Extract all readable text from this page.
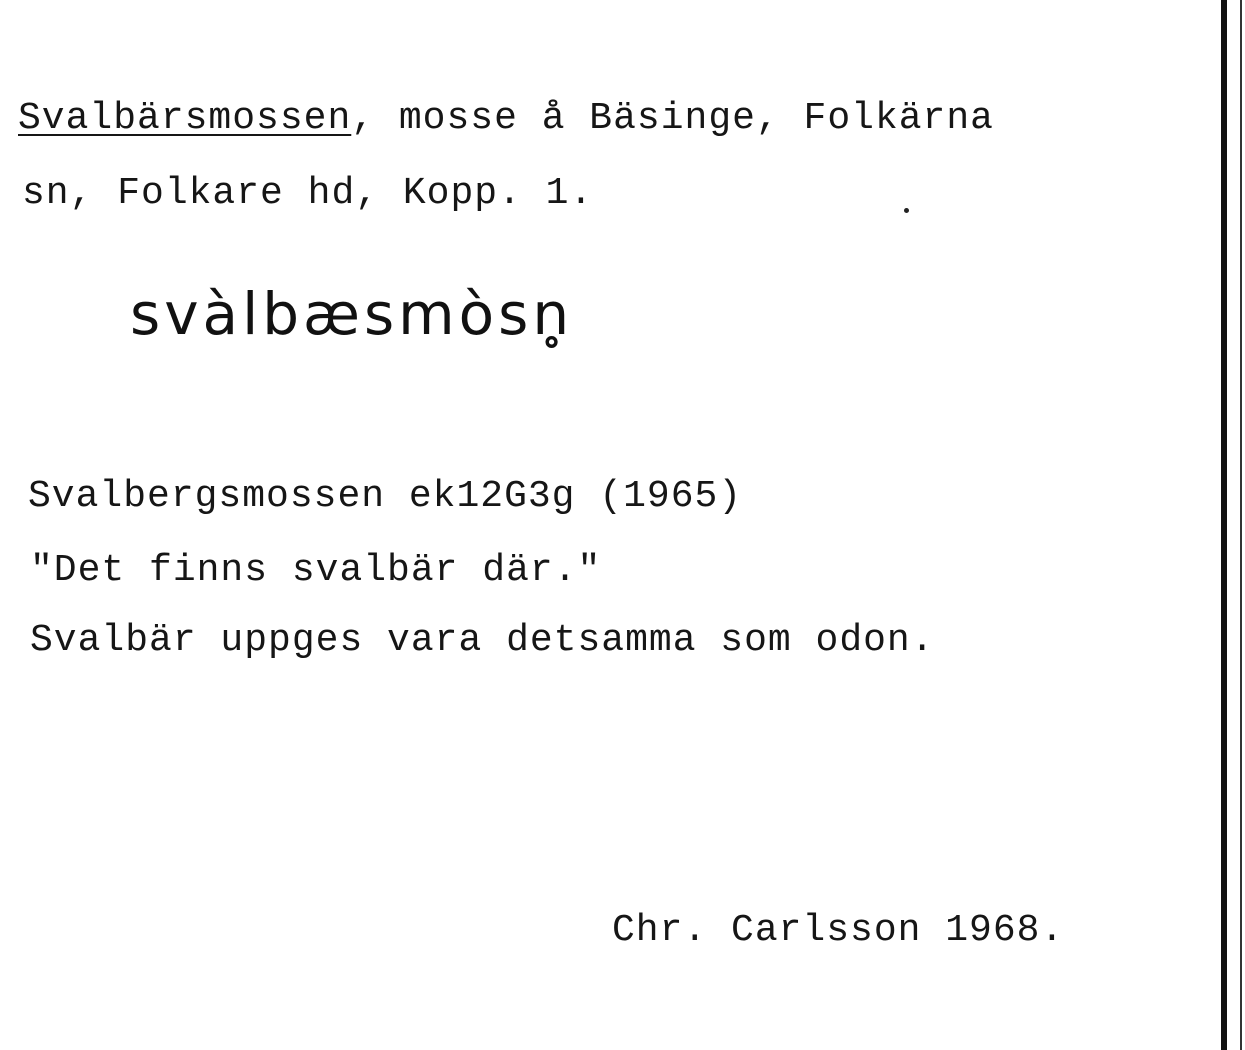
Svalbärsmossen, mosse å Bäsinge, Folkärna
sn, Folkare hd, Kopp. 1.
svàlbæsmòsn̥
Svalbergsmossen ek12G3g (1965)
"Det finns svalbär där."
Svalbär uppges vara detsamma som odon.
Chr. Carlsson 1968.
